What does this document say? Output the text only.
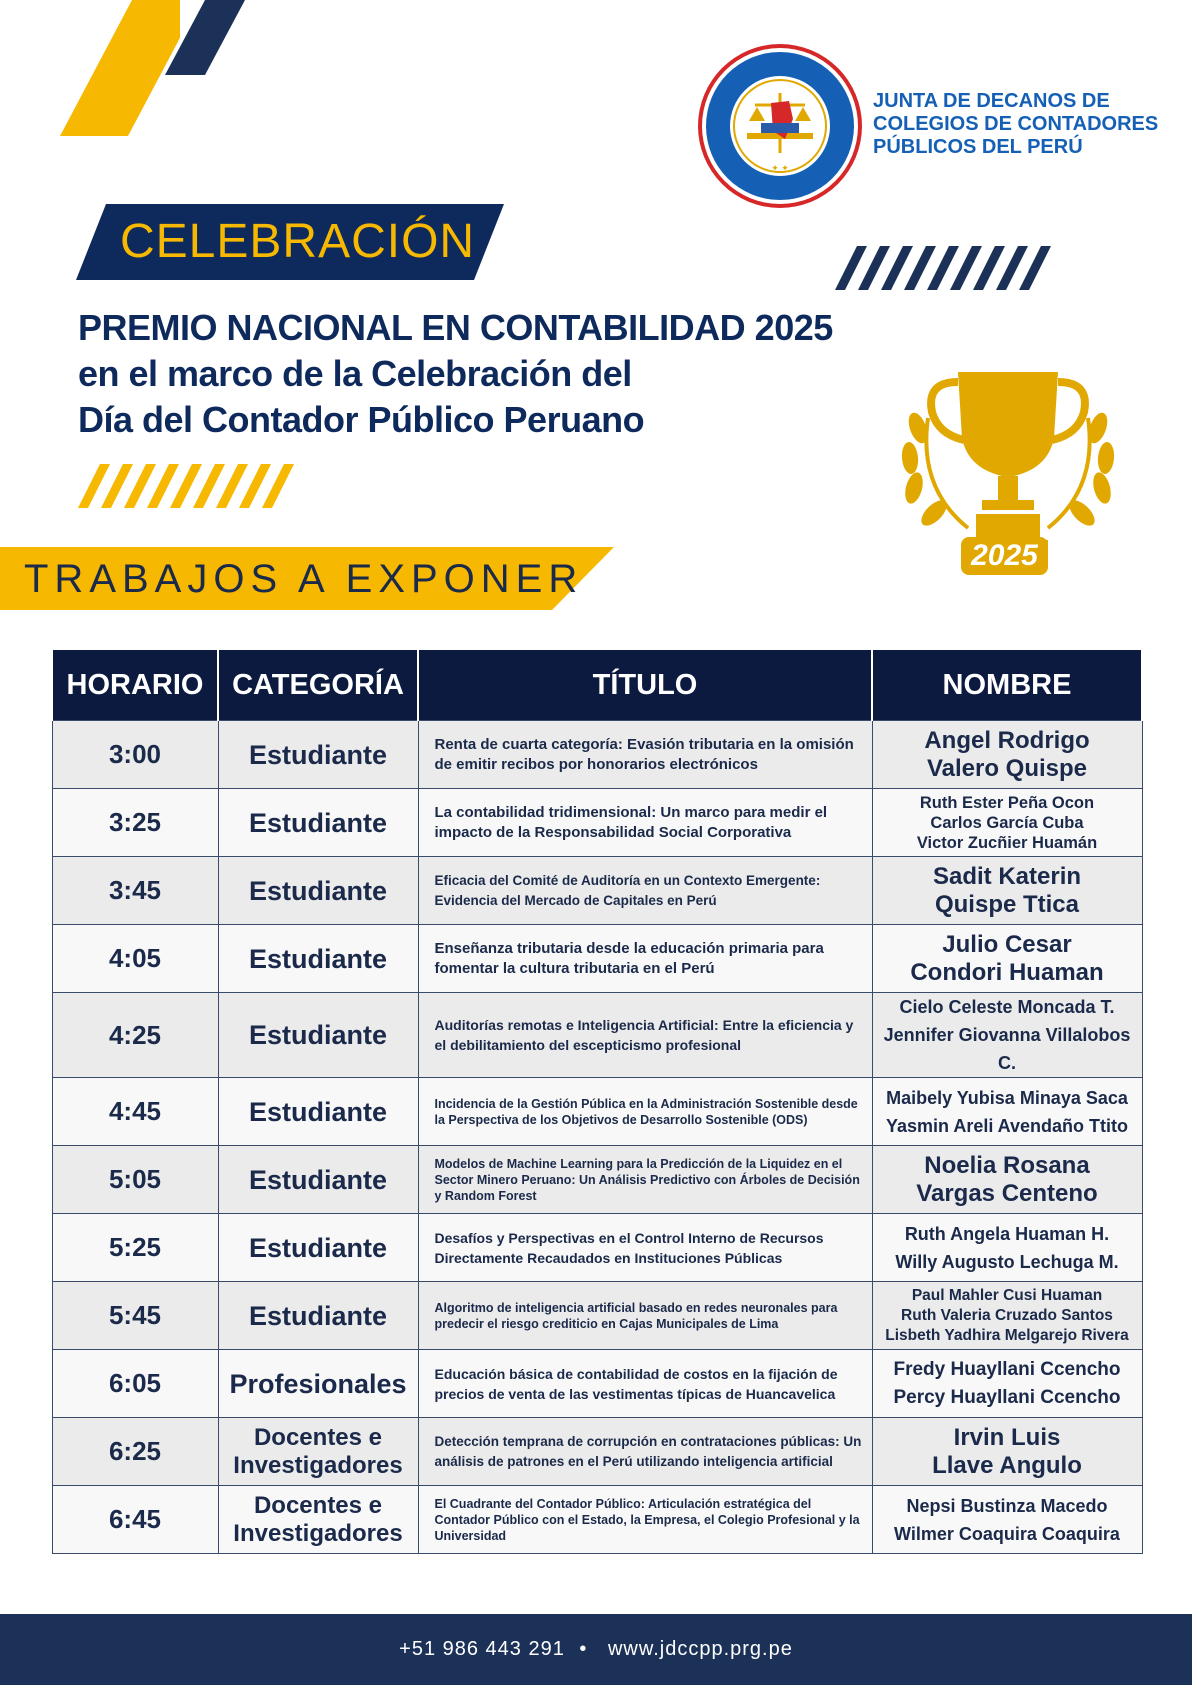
✦ ✦
JUNTA DE DECANOS DE
COLEGIOS DE CONTADORES
PÚBLICOS DEL PERÚ
CELEBRACIÓN
PREMIO NACIONAL EN CONTABILIDAD 2025
en el marco de la Celebración del
Día del Contador Público Peruano
2025
TRABAJOS A EXPONER
HORARIO	CATEGORÍA	TÍTULO	NOMBRE
3:00	Estudiante	Renta de cuarta categoría: Evasión tributaria en la omisión de emitir recibos por honorarios electrónicos	Angel Rodrigo
Valero Quispe
3:25	Estudiante	La contabilidad tridimensional: Un marco para medir el impacto de la Responsabilidad Social Corporativa	Ruth Ester Peña Ocon
Carlos García Cuba
Victor Zucñier Huamán
3:45	Estudiante	Eficacia del Comité de Auditoría en un Contexto Emergente: Evidencia del Mercado de Capitales en Perú	Sadit Katerin
Quispe Ttica
4:05	Estudiante	Enseñanza tributaria desde la educación primaria para fomentar la cultura tributaria en el Perú	Julio Cesar
Condori Huaman
4:25	Estudiante	Auditorías remotas e Inteligencia Artificial: Entre la eficiencia y el debilitamiento del escepticismo profesional	Cielo Celeste Moncada T.
Jennifer Giovanna Villalobos C.
4:45	Estudiante	Incidencia de la Gestión Pública en la Administración Sostenible desde la Perspectiva de los Objetivos de Desarrollo Sostenible (ODS)	Maibely Yubisa Minaya Saca
Yasmin Areli Avendaño Ttito
5:05	Estudiante	Modelos de Machine Learning para la Predicción de la Liquidez en el Sector Minero Peruano: Un Análisis Predictivo con Árboles de Decisión y Random Forest	Noelia Rosana
Vargas Centeno
5:25	Estudiante	Desafíos y Perspectivas en el Control Interno de Recursos Directamente Recaudados en Instituciones Públicas	Ruth Angela Huaman H.
Willy Augusto Lechuga M.
5:45	Estudiante	Algoritmo de inteligencia artificial basado en redes neuronales para predecir el riesgo crediticio en Cajas Municipales de Lima	Paul Mahler Cusi Huaman
Ruth Valeria Cruzado Santos
Lisbeth Yadhira Melgarejo Rivera
6:05	Profesionales	Educación básica de contabilidad de costos en la fijación de precios de venta de las vestimentas típicas de Huancavelica	Fredy Huayllani Ccencho
Percy Huayllani Ccencho
6:25	Docentes e
Investigadores	Detección temprana de corrupción en contrataciones públicas: Un análisis de patrones en el Perú utilizando inteligencia artificial	Irvin Luis
Llave Angulo
6:45	Docentes e
Investigadores	El Cuadrante del Contador Público: Articulación estratégica del Contador Público con el Estado, la Empresa, el Colegio Profesional y la Universidad	Nepsi Bustinza Macedo
Wilmer Coaquira Coaquira
+51 986 443 291 • www.jdccpp.prg.pe
